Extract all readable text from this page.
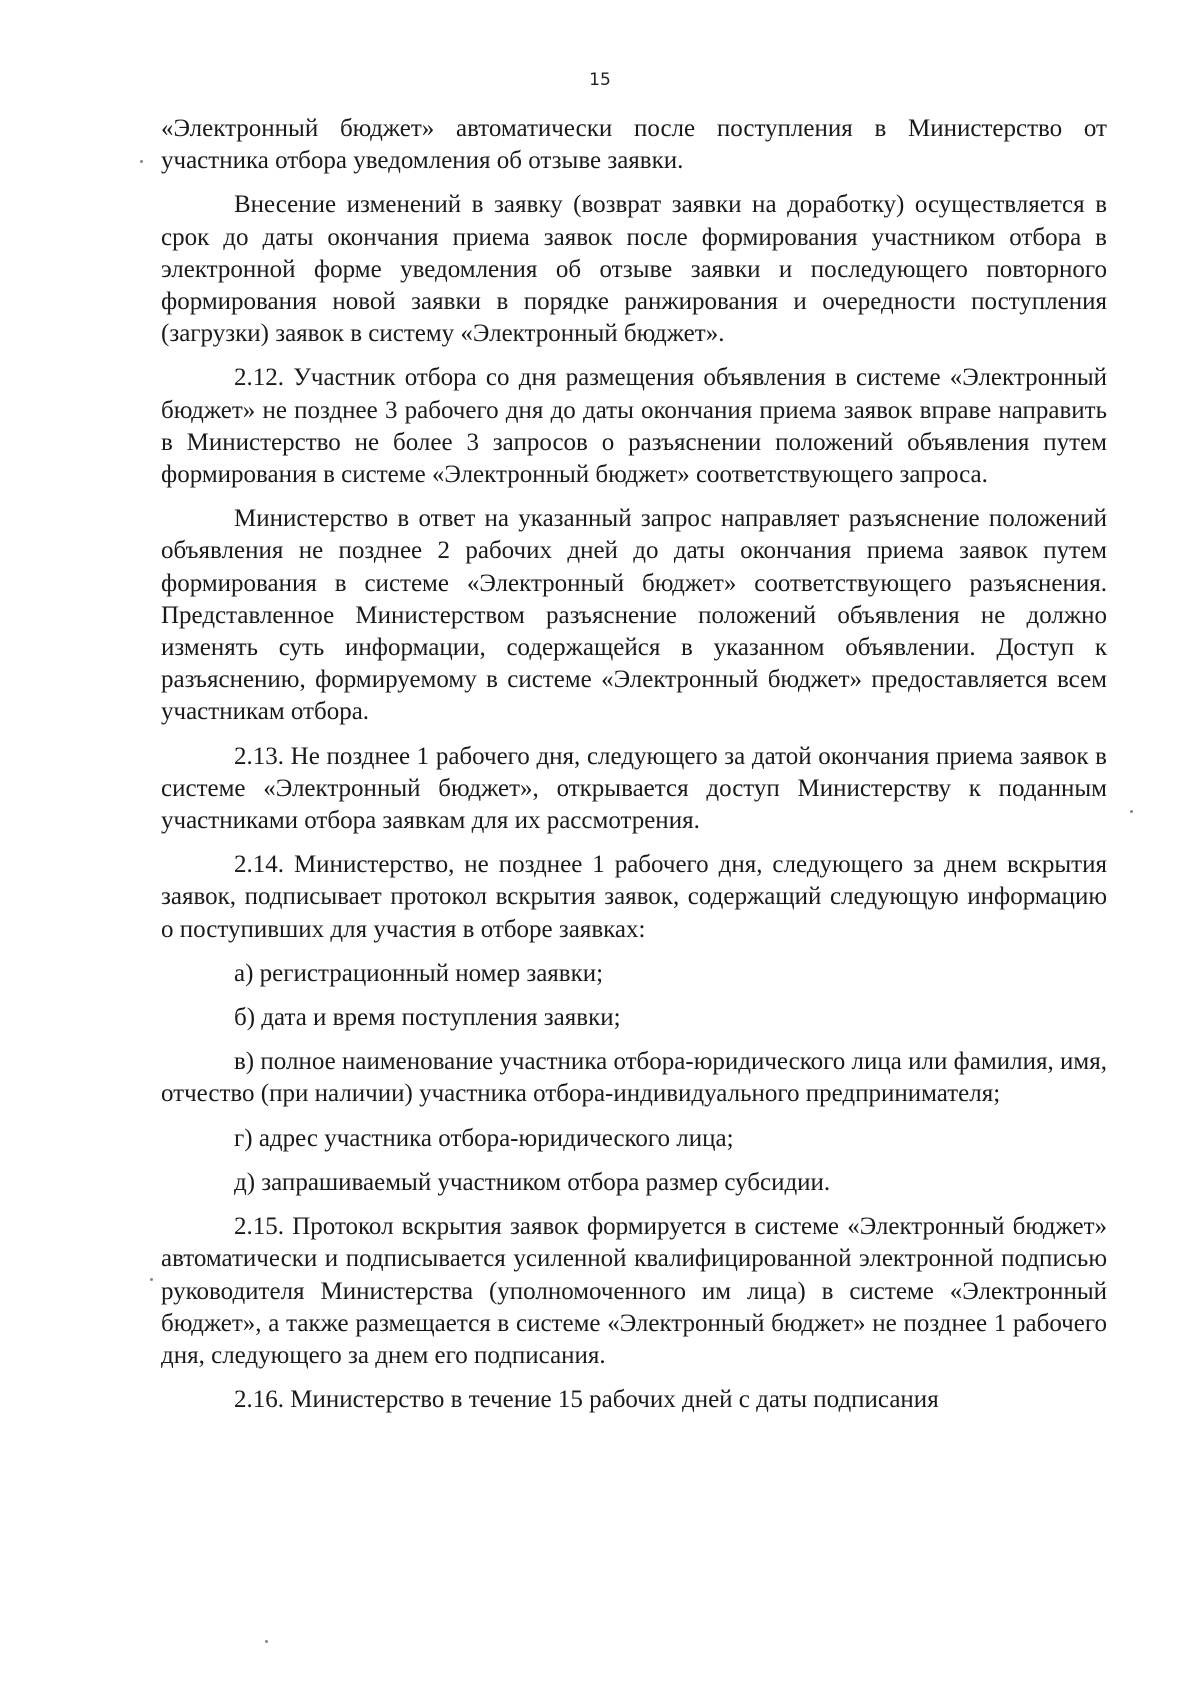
15

«Электронный бюджет» автоматически после поступления в Министерство от участника отбора уведомления об отзыве заявки.

Внесение изменений в заявку (возврат заявки на доработку) осуществляется в срок до даты окончания приема заявок после формирования участником отбора в электронной форме уведомления об отзыве заявки и последующего повторного формирования новой заявки в порядке ранжирования и очередности поступления (загрузки) заявок в систему «Электронный бюджет».

2.12. Участник отбора со дня размещения объявления в системе «Электронный бюджет» не позднее 3 рабочего дня до даты окончания приема заявок вправе направить в Министерство не более 3 запросов о разъяснении положений объявления путем формирования в системе «Электронный бюджет» соответствующего запроса.

Министерство в ответ на указанный запрос направляет разъяснение положений объявления не позднее 2 рабочих дней до даты окончания приема заявок путем формирования в системе «Электронный бюджет» соответствующего разъяснения. Представленное Министерством разъяснение положений объявления не должно изменять суть информации, содержащейся в указанном объявлении. Доступ к разъяснению, формируемому в системе «Электронный бюджет» предоставляется всем участникам отбора.

2.13. Не позднее 1 рабочего дня, следующего за датой окончания приема заявок в системе «Электронный бюджет», открывается доступ Министерству к поданным участниками отбора заявкам для их рассмотрения.

2.14. Министерство, не позднее 1 рабочего дня, следующего за днем вскрытия заявок, подписывает протокол вскрытия заявок, содержащий следующую информацию о поступивших для участия в отборе заявках:

а) регистрационный номер заявки;

б) дата и время поступления заявки;

в) полное наименование участника отбора-юридического лица или фамилия, имя, отчество (при наличии) участника отбора-индивидуального предпринимателя;

г) адрес участника отбора-юридического лица;

д) запрашиваемый участником отбора размер субсидии.

2.15. Протокол вскрытия заявок формируется в системе «Электронный бюджет» автоматически и подписывается усиленной квалифицированной электронной подписью руководителя Министерства (уполномоченного им лица) в системе «Электронный бюджет», а также размещается в системе «Электронный бюджет» не позднее 1 рабочего дня, следующего за днем его подписания.

2.16. Министерство в течение 15 рабочих дней с даты подписания
